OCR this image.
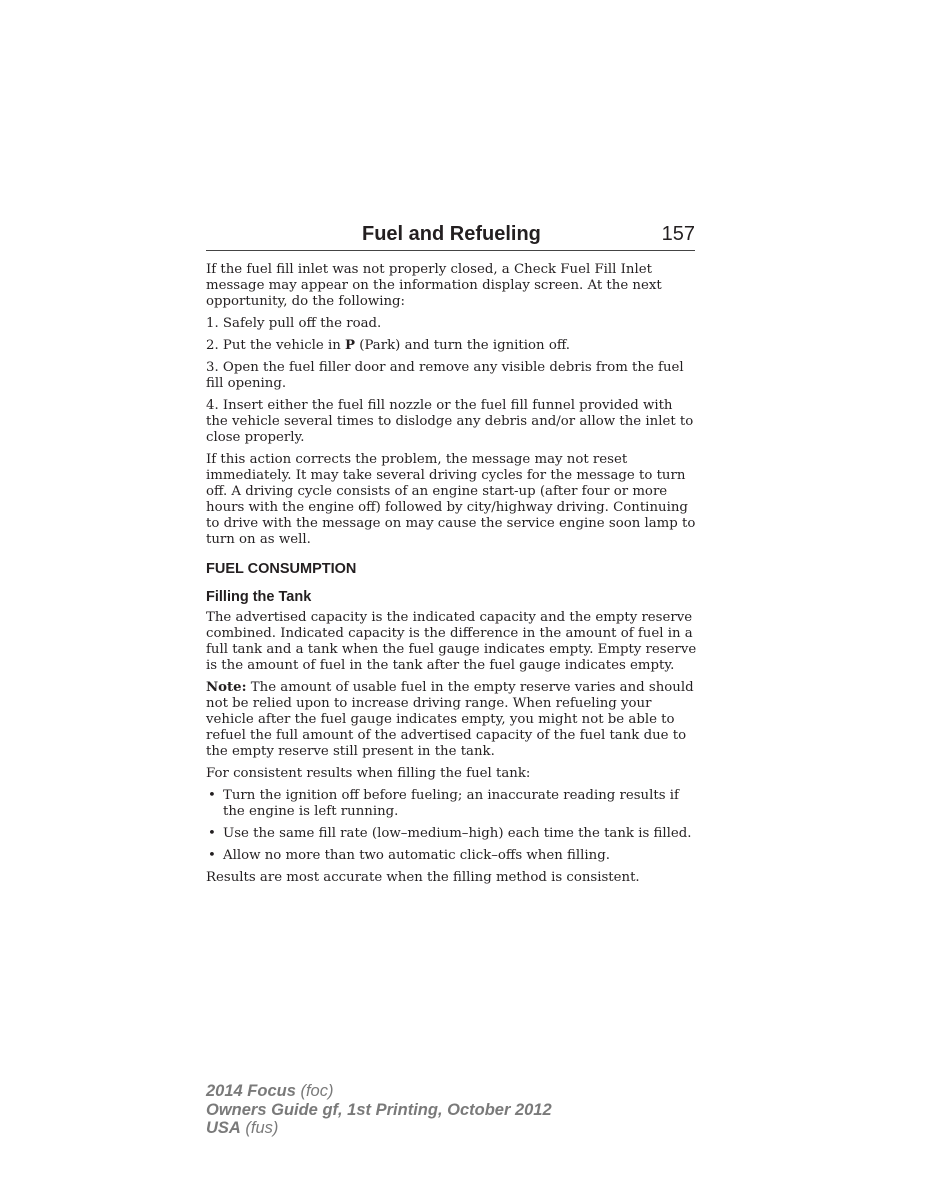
Fuel and Refueling	157

If the fuel fill inlet was not properly closed, a Check Fuel Fill Inlet message may appear on the information display screen. At the next opportunity, do the following:

1. Safely pull off the road.

2. Put the vehicle in P (Park) and turn the ignition off.

3. Open the fuel filler door and remove any visible debris from the fuel fill opening.

4. Insert either the fuel fill nozzle or the fuel fill funnel provided with the vehicle several times to dislodge any debris and/or allow the inlet to close properly.

If this action corrects the problem, the message may not reset immediately. It may take several driving cycles for the message to turn off. A driving cycle consists of an engine start-up (after four or more hours with the engine off) followed by city/highway driving. Continuing to drive with the message on may cause the service engine soon lamp to turn on as well.

FUEL CONSUMPTION
Filling the Tank

The advertised capacity is the indicated capacity and the empty reserve combined. Indicated capacity is the difference in the amount of fuel in a full tank and a tank when the fuel gauge indicates empty. Empty reserve is the amount of fuel in the tank after the fuel gauge indicates empty.

Note: The amount of usable fuel in the empty reserve varies and should not be relied upon to increase driving range. When refueling your vehicle after the fuel gauge indicates empty, you might not be able to refuel the full amount of the advertised capacity of the fuel tank due to the empty reserve still present in the tank.

For consistent results when filling the fuel tank:

• Turn the ignition off before fueling; an inaccurate reading results if the engine is left running.
• Use the same fill rate (low–medium–high) each time the tank is filled.
• Allow no more than two automatic click–offs when filling.

Results are most accurate when the filling method is consistent.

2014 Focus (foc)
Owners Guide gf, 1st Printing, October 2012
USA (fus)
